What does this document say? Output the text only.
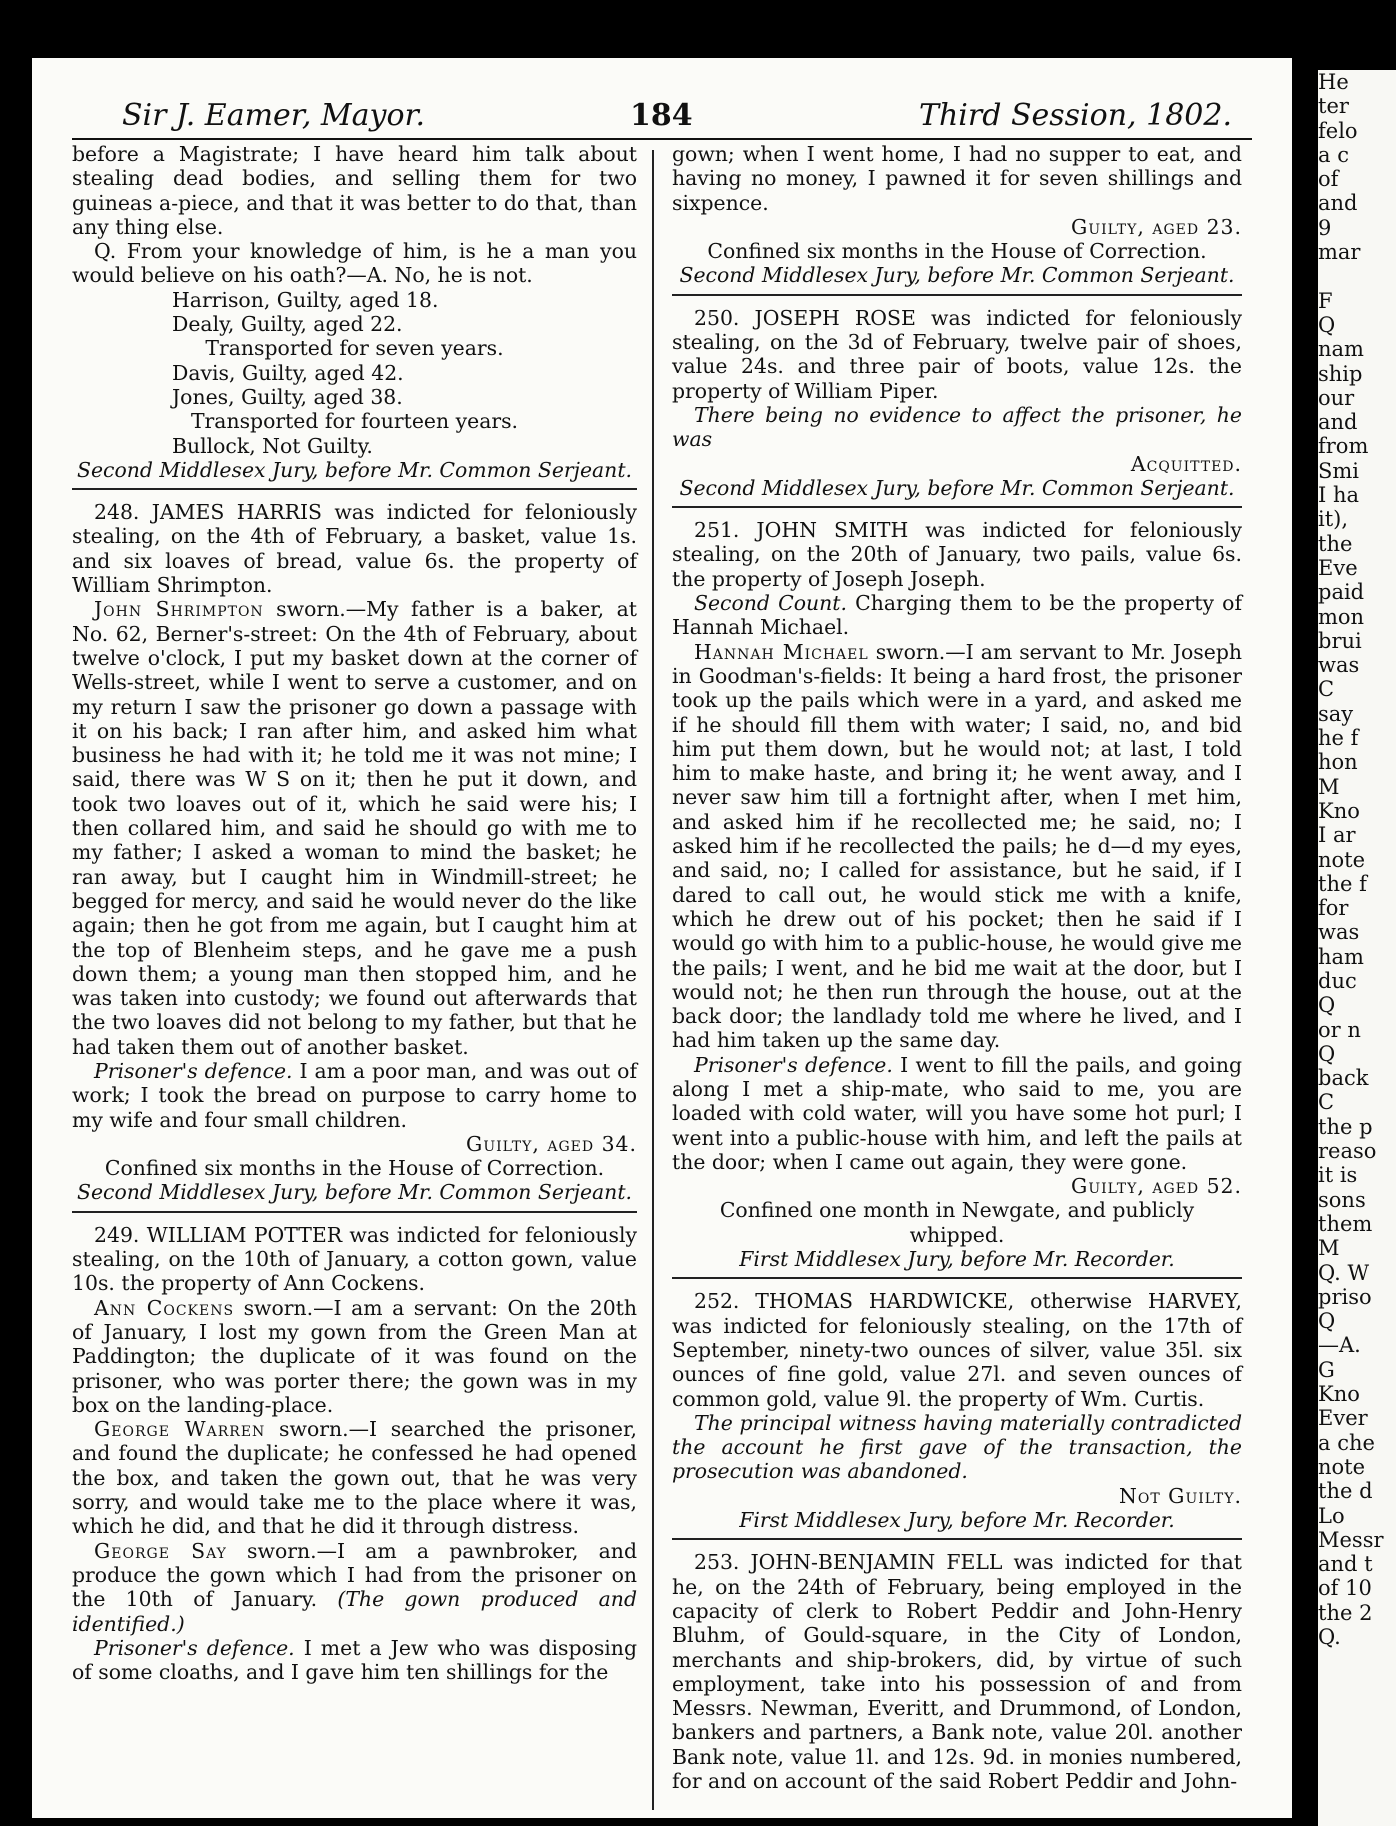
Sir J. Eamer, Mayor.	184	Third Session, 1802.

before a Magistrate; I have heard him talk about stealing dead bodies, and selling them for two guineas a-piece, and that it was better to do that, than any thing else.

Q. From your knowledge of him, is he a man you would believe on his oath?—A. No, he is not.

Harrison, Guilty, aged 18.

Dealy, Guilty, aged 22.

Transported for seven years.

Davis, Guilty, aged 42.

Jones, Guilty, aged 38.

Transported for fourteen years.

Bullock, Not Guilty.

Second Middlesex Jury, before Mr. Common Serjeant.

248. JAMES HARRIS was indicted for feloniously stealing, on the 4th of February, a basket, value 1s. and six loaves of bread, value 6s. the property of William Shrimpton.

John Shrimpton sworn.—My father is a baker, at No. 62, Berner's-street: On the 4th of February, about twelve o'clock, I put my basket down at the corner of Wells-street, while I went to serve a customer, and on my return I saw the prisoner go down a passage with it on his back; I ran after him, and asked him what business he had with it; he told me it was not mine; I said, there was W S on it; then he put it down, and took two loaves out of it, which he said were his; I then collared him, and said he should go with me to my father; I asked a woman to mind the basket; he ran away, but I caught him in Windmill-street; he begged for mercy, and said he would never do the like again; then he got from me again, but I caught him at the top of Blenheim steps, and he gave me a push down them; a young man then stopped him, and he was taken into custody; we found out afterwards that the two loaves did not belong to my father, but that he had taken them out of another basket.

Prisoner's defence. I am a poor man, and was out of work; I took the bread on purpose to carry home to my wife and four small children.

Guilty, aged 34.

Confined six months in the House of Correction.

Second Middlesex Jury, before Mr. Common Serjeant.

249. WILLIAM POTTER was indicted for feloniously stealing, on the 10th of January, a cotton gown, value 10s. the property of Ann Cockens.

Ann Cockens sworn.—I am a servant: On the 20th of January, I lost my gown from the Green Man at Paddington; the duplicate of it was found on the prisoner, who was porter there; the gown was in my box on the landing-place.

George Warren sworn.—I searched the prisoner, and found the duplicate; he confessed he had opened the box, and taken the gown out, that he was very sorry, and would take me to the place where it was, which he did, and that he did it through distress.

George Say sworn.—I am a pawnbroker, and produce the gown which I had from the prisoner on the 10th of January. (The gown produced and identified.)

Prisoner's defence. I met a Jew who was disposing of some cloaths, and I gave him ten shillings for the

gown; when I went home, I had no supper to eat, and having no money, I pawned it for seven shillings and sixpence.

Guilty, aged 23.

Confined six months in the House of Correction.

Second Middlesex Jury, before Mr. Common Serjeant.

250. JOSEPH ROSE was indicted for feloniously stealing, on the 3d of February, twelve pair of shoes, value 24s. and three pair of boots, value 12s. the property of William Piper.

There being no evidence to affect the prisoner, he was

Acquitted.

Second Middlesex Jury, before Mr. Common Serjeant.

251. JOHN SMITH was indicted for feloniously stealing, on the 20th of January, two pails, value 6s. the property of Joseph Joseph.

Second Count. Charging them to be the property of Hannah Michael.

Hannah Michael sworn.—I am servant to Mr. Joseph in Goodman's-fields: It being a hard frost, the prisoner took up the pails which were in a yard, and asked me if he should fill them with water; I said, no, and bid him put them down, but he would not; at last, I told him to make haste, and bring it; he went away, and I never saw him till a fortnight after, when I met him, and asked him if he recollected me; he said, no; I asked him if he recollected the pails; he d—d my eyes, and said, no; I called for assistance, but he said, if I dared to call out, he would stick me with a knife, which he drew out of his pocket; then he said if I would go with him to a public-house, he would give me the pails; I went, and he bid me wait at the door, but I would not; he then run through the house, out at the back door; the landlady told me where he lived, and I had him taken up the same day.

Prisoner's defence. I went to fill the pails, and going along I met a ship-mate, who said to me, you are loaded with cold water, will you have some hot purl; I went into a public-house with him, and left the pails at the door; when I came out again, they were gone.

Guilty, aged 52.

Confined one month in Newgate, and publicly whipped.

First Middlesex Jury, before Mr. Recorder.

252. THOMAS HARDWICKE, otherwise HARVEY, was indicted for feloniously stealing, on the 17th of September, ninety-two ounces of silver, value 35l. six ounces of fine gold, value 27l. and seven ounces of common gold, value 9l. the property of Wm. Curtis.

The principal witness having materially contradicted the account he first gave of the transaction, the prosecution was abandoned.

Not Guilty.

First Middlesex Jury, before Mr. Recorder.

253. JOHN-BENJAMIN FELL was indicted for that he, on the 24th of February, being employed in the capacity of clerk to Robert Peddir and John-Henry Bluhm, of Gould-square, in the City of London, merchants and ship-brokers, did, by virtue of such employment, take into his possession of and from Messrs. Newman, Everitt, and Drummond, of London, bankers and partners, a Bank note, value 20l. another Bank note, value 1l. and 12s. 9d. in monies numbered, for and on account of the said Robert Peddir and John-

He

ter

felo

a c

of

and

9

mar

F

Q

nam

ship

our

and

from

Smi

I ha

it),

the

Eve

paid

mon

brui

was

C

say

he f

hon

M

Kno

I ar

note

the f

for

was

ham

duc

Q

or n

Q

back

C

the p

reaso

it is

sons

them

M

Q. W

priso

Q

—A.

G

Kno

Ever

a che

note

the d

Lo

Messr

and t

of 10

the 2

Q.
